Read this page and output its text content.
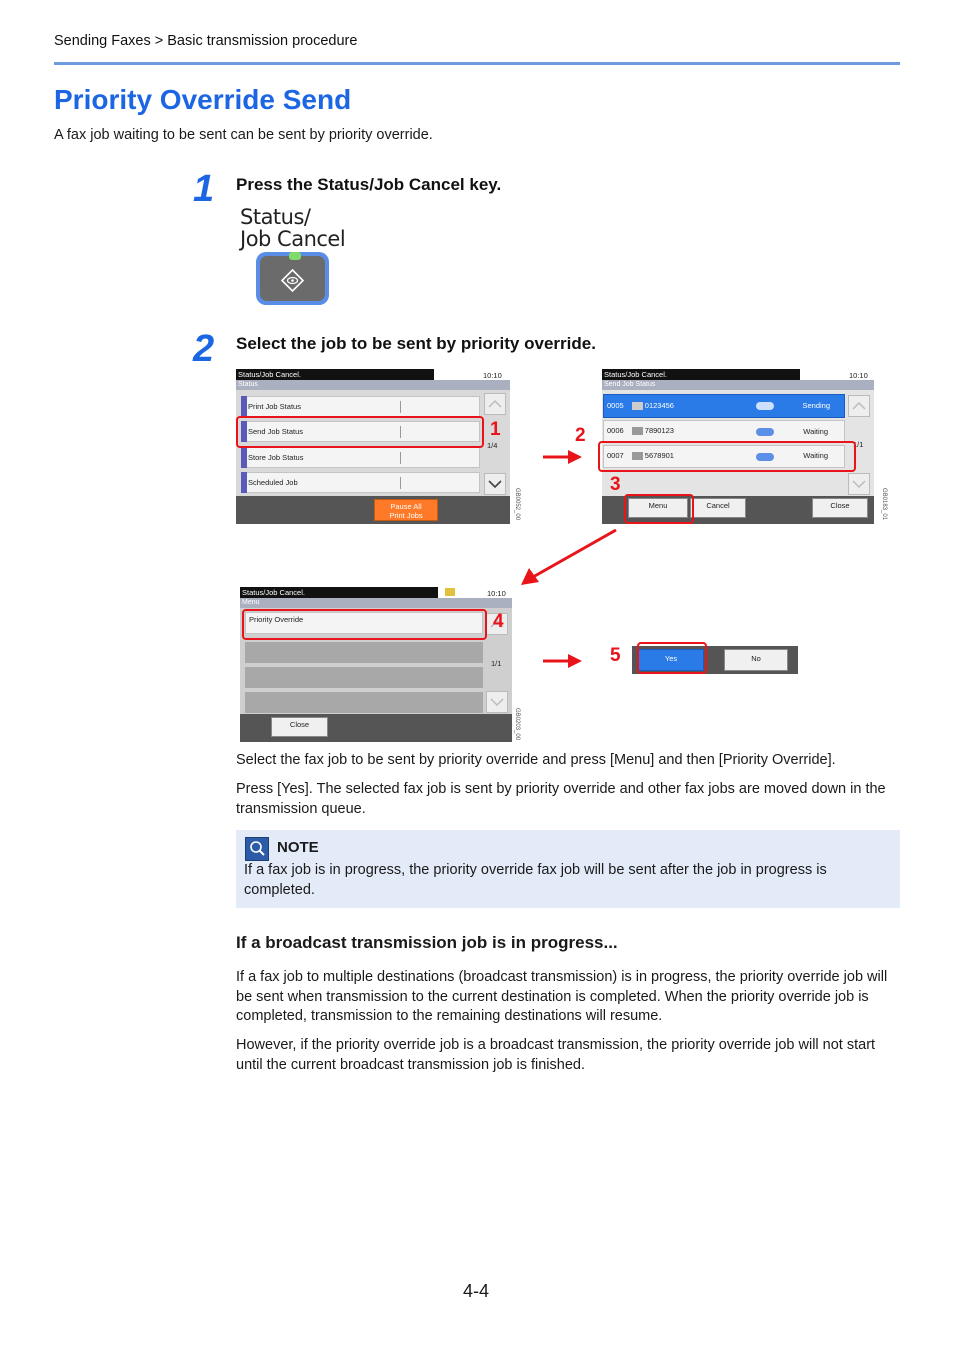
Sending Faxes > Basic transmission procedure
Priority Override Send
A fax job waiting to be sent can be sent by priority override.
1 Press the Status/Job Cancel key.
Status/
Job Cancel
2 Select the job to be sent by priority override.
Status/Job Cancel.	10:10
Status
Print Job Status
Send Job Status
Store Job Status
Scheduled Job
1/4
Pause All
Print Jobs	GB0052_00
1
Status/Job Cancel.	10:10
Send Job Status
0005	0123456	Sending
0006	7890123	Waiting
0007	5678901	Waiting
1/1
Menu	Cancel	Close	GB0183_01
2
3
Status/Job Cancel.	10:10
Menu
Priority Override
1/1
Close	GB0203_00
4
Yes	No
5
Select the fax job to be sent by priority override and press [Menu] and then [Priority Override].
Press [Yes]. The selected fax job is sent by priority override and other fax jobs are moved down in the transmission queue.
NOTE
If a fax job is in progress, the priority override fax job will be sent after the job in progress is completed.
If a broadcast transmission job is in progress...
If a fax job to multiple destinations (broadcast transmission) is in progress, the priority override job will be sent when transmission to the current destination is completed. When the priority override job is completed, transmission to the remaining destinations will resume.
However, if the priority override job is a broadcast transmission, the priority override job will not start until the current broadcast transmission job is finished.
4-4
